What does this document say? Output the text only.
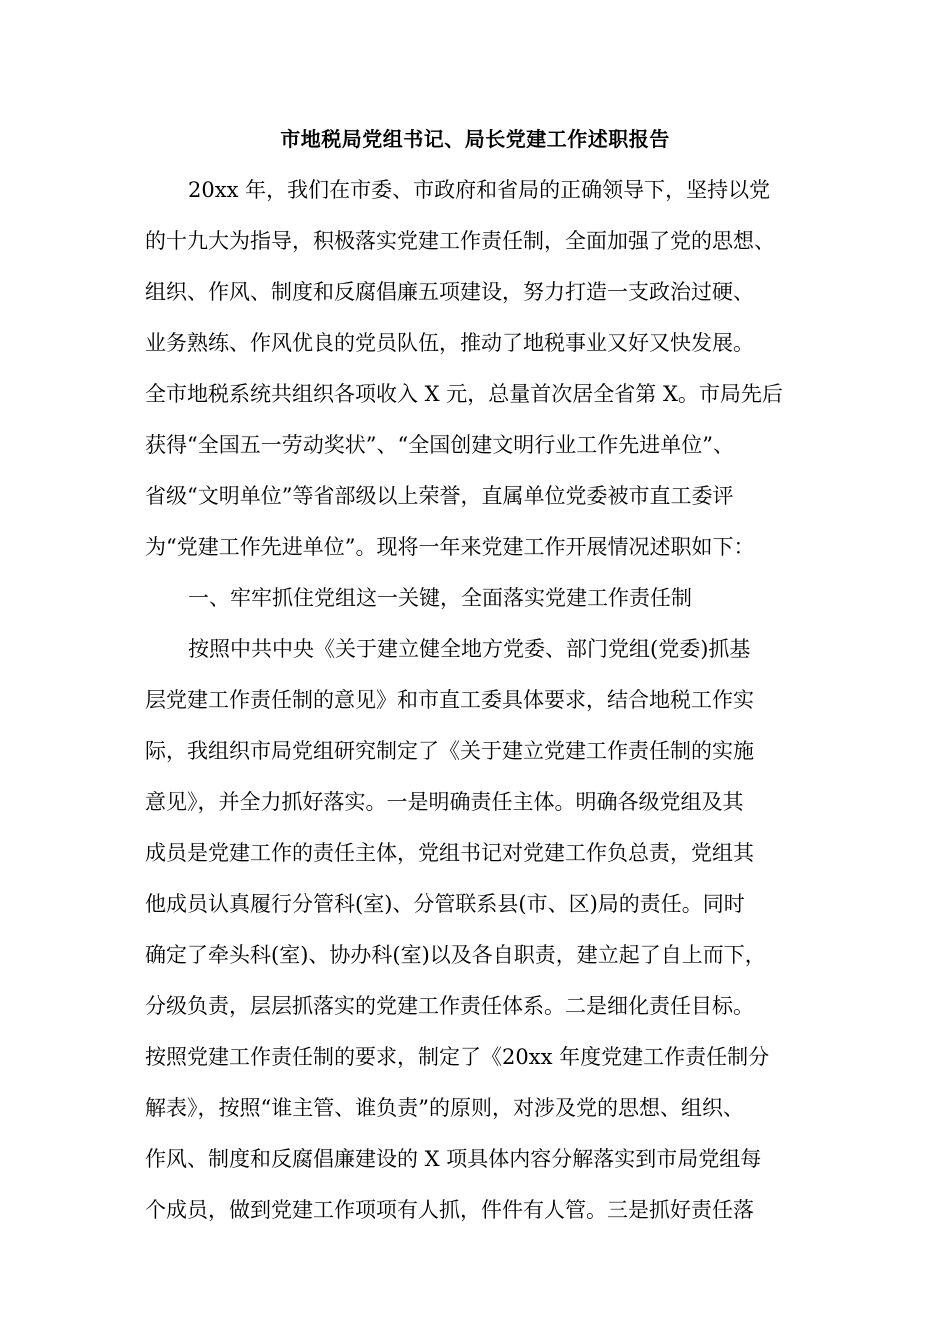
市地税局党组书记、局长党建工作述职报告

20xx 年，我们在市委、市政府和省局的正确领导下，坚持以党

的十九大为指导，积极落实党建工作责任制，全面加强了党的思想、

组织、作风、制度和反腐倡廉五项建设，努力打造一支政治过硬、

业务熟练、作风优良的党员队伍，推动了地税事业又好又快发展。

全市地税系统共组织各项收入 X 元，总量首次居全省第 X。市局先后

获得“全国五一劳动奖状”、“全国创建文明行业工作先进单位”、

省级“文明单位”等省部级以上荣誉，直属单位党委被市直工委评

为“党建工作先进单位”。现将一年来党建工作开展情况述职如下：

一、牢牢抓住党组这一关键，全面落实党建工作责任制

按照中共中央《关于建立健全地方党委、部门党组(党委)抓基

层党建工作责任制的意见》和市直工委具体要求，结合地税工作实

际，我组织市局党组研究制定了《关于建立党建工作责任制的实施

意见》，并全力抓好落实。一是明确责任主体。明确各级党组及其

成员是党建工作的责任主体，党组书记对党建工作负总责，党组其

他成员认真履行分管科(室)、分管联系县(市、区)局的责任。同时

确定了牵头科(室)、协办科(室)以及各自职责，建立起了自上而下，

分级负责，层层抓落实的党建工作责任体系。二是细化责任目标。

按照党建工作责任制的要求，制定了《20xx 年度党建工作责任制分

解表》，按照“谁主管、谁负责”的原则，对涉及党的思想、组织、

作风、制度和反腐倡廉建设的 X 项具体内容分解落实到市局党组每

个成员，做到党建工作项项有人抓，件件有人管。三是抓好责任落
